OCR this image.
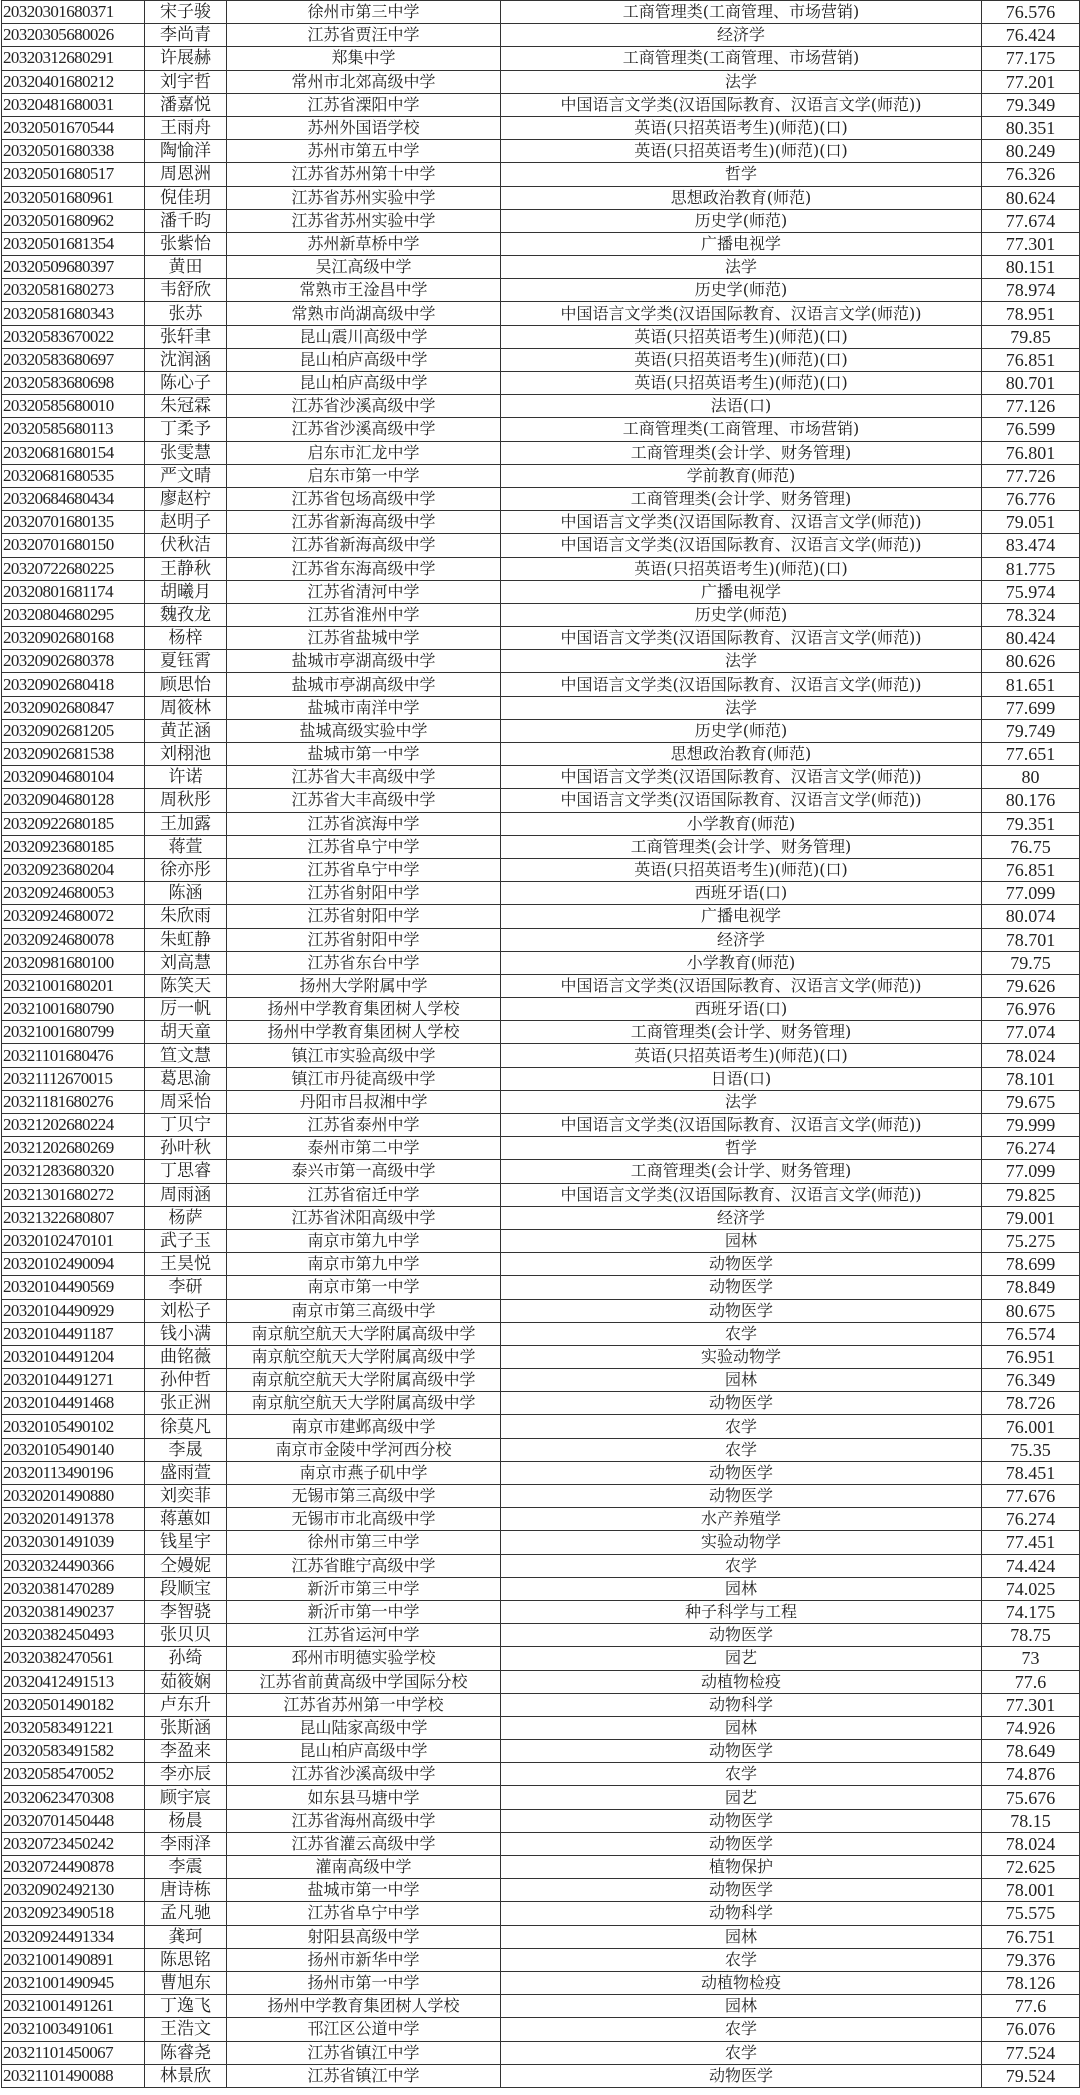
20320301680371	宋子骏	徐州市第三中学	工商管理类(工商管理、市场营销)	76.576
20320305680026	李尚青	江苏省贾汪中学	经济学	76.424
20320312680291	许展赫	郑集中学	工商管理类(工商管理、市场营销)	77.175
20320401680212	刘宇哲	常州市北郊高级中学	法学	77.201
20320481680031	潘嘉悦	江苏省溧阳中学	中国语言文学类(汉语国际教育、汉语言文学(师范))	79.349
20320501670544	王雨舟	苏州外国语学校	英语(只招英语考生)(师范)(口)	80.351
20320501680338	陶愉洋	苏州市第五中学	英语(只招英语考生)(师范)(口)	80.249
20320501680517	周恩洲	江苏省苏州第十中学	哲学	76.326
20320501680961	倪佳玥	江苏省苏州实验中学	思想政治教育(师范)	80.624
20320501680962	潘千昀	江苏省苏州实验中学	历史学(师范)	77.674
20320501681354	张紫怡	苏州新草桥中学	广播电视学	77.301
20320509680397	黄田	吴江高级中学	法学	80.151
20320581680273	韦舒欣	常熟市王淦昌中学	历史学(师范)	78.974
20320581680343	张苏	常熟市尚湖高级中学	中国语言文学类(汉语国际教育、汉语言文学(师范))	78.951
20320583670022	张轩聿	昆山震川高级中学	英语(只招英语考生)(师范)(口)	79.85
20320583680697	沈润涵	昆山柏庐高级中学	英语(只招英语考生)(师范)(口)	76.851
20320583680698	陈心子	昆山柏庐高级中学	英语(只招英语考生)(师范)(口)	80.701
20320585680010	朱冠霖	江苏省沙溪高级中学	法语(口)	77.126
20320585680113	丁柔予	江苏省沙溪高级中学	工商管理类(工商管理、市场营销)	76.599
20320681680154	张雯慧	启东市汇龙中学	工商管理类(会计学、财务管理)	76.801
20320681680535	严文晴	启东市第一中学	学前教育(师范)	77.726
20320684680434	廖赵柠	江苏省包场高级中学	工商管理类(会计学、财务管理)	76.776
20320701680135	赵明子	江苏省新海高级中学	中国语言文学类(汉语国际教育、汉语言文学(师范))	79.051
20320701680150	伏秋洁	江苏省新海高级中学	中国语言文学类(汉语国际教育、汉语言文学(师范))	83.474
20320722680225	王静秋	江苏省东海高级中学	英语(只招英语考生)(师范)(口)	81.775
20320801681174	胡曦月	江苏省清河中学	广播电视学	75.974
20320804680295	魏孜龙	江苏省淮州中学	历史学(师范)	78.324
20320902680168	杨梓	江苏省盐城中学	中国语言文学类(汉语国际教育、汉语言文学(师范))	80.424
20320902680378	夏钰霄	盐城市亭湖高级中学	法学	80.626
20320902680418	顾思怡	盐城市亭湖高级中学	中国语言文学类(汉语国际教育、汉语言文学(师范))	81.651
20320902680847	周筱林	盐城市南洋中学	法学	77.699
20320902681205	黄芷涵	盐城高级实验中学	历史学(师范)	79.749
20320902681538	刘栩池	盐城市第一中学	思想政治教育(师范)	77.651
20320904680104	许诺	江苏省大丰高级中学	中国语言文学类(汉语国际教育、汉语言文学(师范))	80
20320904680128	周秋彤	江苏省大丰高级中学	中国语言文学类(汉语国际教育、汉语言文学(师范))	80.176
20320922680185	王加露	江苏省滨海中学	小学教育(师范)	79.351
20320923680185	蒋萱	江苏省阜宁中学	工商管理类(会计学、财务管理)	76.75
20320923680204	徐亦彤	江苏省阜宁中学	英语(只招英语考生)(师范)(口)	76.851
20320924680053	陈涵	江苏省射阳中学	西班牙语(口)	77.099
20320924680072	朱欣雨	江苏省射阳中学	广播电视学	80.074
20320924680078	朱虹静	江苏省射阳中学	经济学	78.701
20320981680100	刘高慧	江苏省东台中学	小学教育(师范)	79.75
20321001680201	陈笑天	扬州大学附属中学	中国语言文学类(汉语国际教育、汉语言文学(师范))	79.626
20321001680790	厉一帆	扬州中学教育集团树人学校	西班牙语(口)	76.976
20321001680799	胡天童	扬州中学教育集团树人学校	工商管理类(会计学、财务管理)	77.074
20321101680476	笪文慧	镇江市实验高级中学	英语(只招英语考生)(师范)(口)	78.024
20321112670015	葛思渝	镇江市丹徒高级中学	日语(口)	78.101
20321181680276	周采怡	丹阳市吕叔湘中学	法学	79.675
20321202680224	丁贝宁	江苏省泰州中学	中国语言文学类(汉语国际教育、汉语言文学(师范))	79.999
20321202680269	孙叶秋	泰州市第二中学	哲学	76.274
20321283680320	丁思睿	泰兴市第一高级中学	工商管理类(会计学、财务管理)	77.099
20321301680272	周雨涵	江苏省宿迁中学	中国语言文学类(汉语国际教育、汉语言文学(师范))	79.825
20321322680807	杨萨	江苏省沭阳高级中学	经济学	79.001
20320102470101	武子玉	南京市第九中学	园林	75.275
20320102490094	王昊悦	南京市第九中学	动物医学	78.699
20320104490569	李研	南京市第一中学	动物医学	78.849
20320104490929	刘松子	南京市第三高级中学	动物医学	80.675
20320104491187	钱小满	南京航空航天大学附属高级中学	农学	76.574
20320104491204	曲铭薇	南京航空航天大学附属高级中学	实验动物学	76.951
20320104491271	孙仲哲	南京航空航天大学附属高级中学	园林	76.349
20320104491468	张正洲	南京航空航天大学附属高级中学	动物医学	78.726
20320105490102	徐莫凡	南京市建邺高级中学	农学	76.001
20320105490140	李晟	南京市金陵中学河西分校	农学	75.35
20320113490196	盛雨萱	南京市燕子矶中学	动物医学	78.451
20320201490880	刘奕菲	无锡市第三高级中学	动物医学	77.676
20320201491378	蒋蕙如	无锡市市北高级中学	水产养殖学	76.274
20320301491039	钱星宇	徐州市第三中学	实验动物学	77.451
20320324490366	仝嫚妮	江苏省睢宁高级中学	农学	74.424
20320381470289	段顺宝	新沂市第三中学	园林	74.025
20320381490237	李智骁	新沂市第一中学	种子科学与工程	74.175
20320382450493	张贝贝	江苏省运河中学	动物医学	78.75
20320382470561	孙绮	邳州市明德实验学校	园艺	73
20320412491513	茹筱娴	江苏省前黄高级中学国际分校	动植物检疫	77.6
20320501490182	卢东升	江苏省苏州第一中学校	动物科学	77.301
20320583491221	张斯涵	昆山陆家高级中学	园林	74.926
20320583491582	李盈来	昆山柏庐高级中学	动物医学	78.649
20320585470052	李亦辰	江苏省沙溪高级中学	农学	74.876
20320623470308	顾宇宸	如东县马塘中学	园艺	75.676
20320701450448	杨晨	江苏省海州高级中学	动物医学	78.15
20320723450242	李雨泽	江苏省灌云高级中学	动物医学	78.024
20320724490878	李震	灌南高级中学	植物保护	72.625
20320902492130	唐诗栋	盐城市第一中学	动物医学	78.001
20320923490518	孟凡驰	江苏省阜宁中学	动物科学	75.575
20320924491334	龚珂	射阳县高级中学	园林	76.751
20321001490891	陈思铭	扬州市新华中学	农学	79.376
20321001490945	曹旭东	扬州市第一中学	动植物检疫	78.126
20321001491261	丁逸飞	扬州中学教育集团树人学校	园林	77.6
20321003491061	王浩文	邗江区公道中学	农学	76.076
20321101450067	陈睿尧	江苏省镇江中学	农学	77.524
20321101490088	林景欣	江苏省镇江中学	动物医学	79.524
